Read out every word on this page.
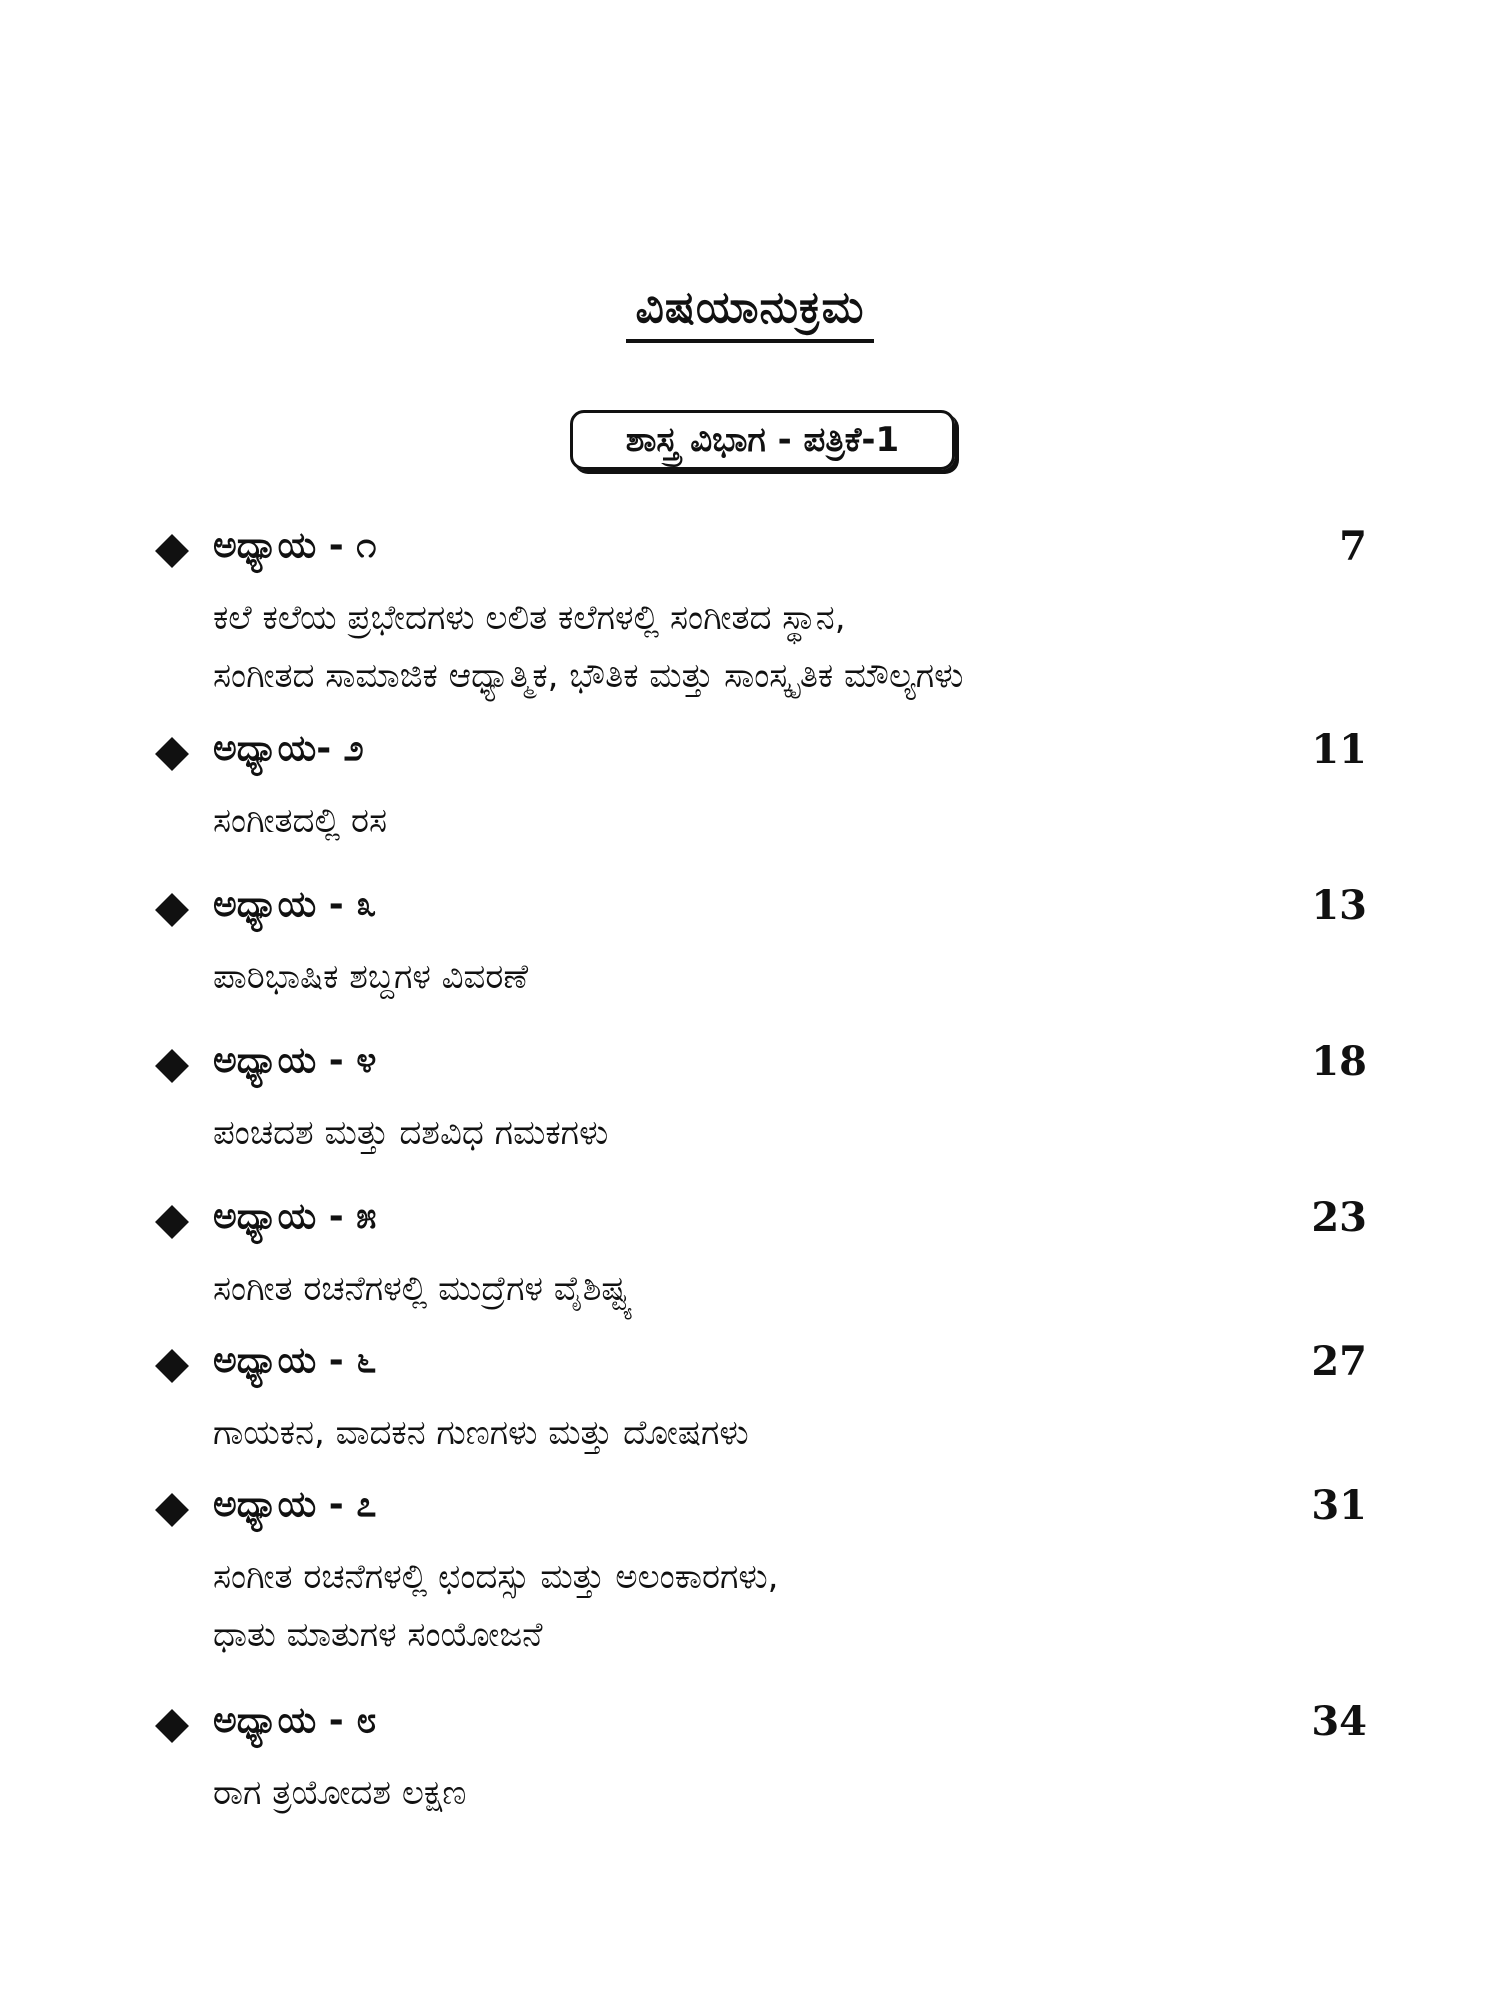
ವಿಷಯಾನುಕ್ರಮ
ಶಾಸ್ತ್ರ ವಿಭಾಗ - ಪತ್ರಿಕೆ-1
ಅಧ್ಯಾಯ - ೧	7
ಕಲೆ ಕಲೆಯ ಪ್ರಭೇದಗಳು ಲಲಿತ ಕಲೆಗಳಲ್ಲಿ ಸಂಗೀತದ ಸ್ಥಾನ,
ಸಂಗೀತದ ಸಾಮಾಜಿಕ ಆಧ್ಯಾತ್ಮಿಕ, ಭೌತಿಕ ಮತ್ತು ಸಾಂಸ್ಕೃತಿಕ ಮೌಲ್ಯಗಳು
ಅಧ್ಯಾಯ- ೨	11
ಸಂಗೀತದಲ್ಲಿ ರಸ
ಅಧ್ಯಾಯ - ೩	13
ಪಾರಿಭಾಷಿಕ ಶಬ್ದಗಳ ವಿವರಣೆ
ಅಧ್ಯಾಯ - ೪	18
ಪಂಚದಶ ಮತ್ತು ದಶವಿಧ ಗಮಕಗಳು
ಅಧ್ಯಾಯ - ೫	23
ಸಂಗೀತ ರಚನೆಗಳಲ್ಲಿ ಮುದ್ರೆಗಳ ವೈಶಿಷ್ಟ್ಯ
ಅಧ್ಯಾಯ - ೬	27
ಗಾಯಕನ, ವಾದಕನ ಗುಣಗಳು ಮತ್ತು ದೋಷಗಳು
ಅಧ್ಯಾಯ - ೭	31
ಸಂಗೀತ ರಚನೆಗಳಲ್ಲಿ ಛಂದಸ್ಸು ಮತ್ತು ಅಲಂಕಾರಗಳು,
ಧಾತು ಮಾತುಗಳ ಸಂಯೋಜನೆ
ಅಧ್ಯಾಯ - ೮	34
ರಾಗ ತ್ರಯೋದಶ ಲಕ್ಷಣ
